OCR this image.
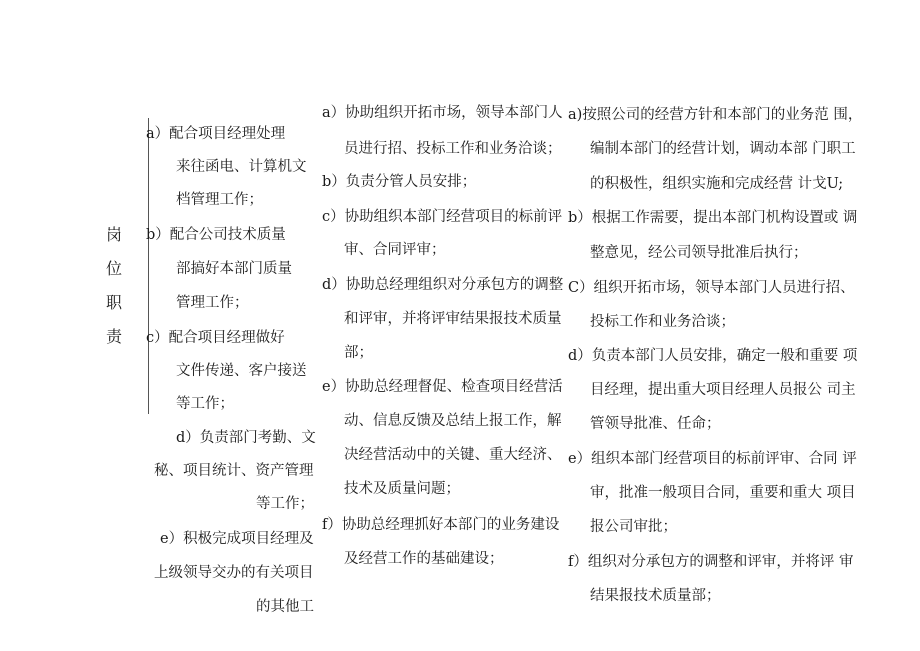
岗
位
职
责
a）配合项目经理处理
来往函电、计算机文
档管理工作；
b）配合公司技术质量
部搞好本部门质量
管理工作；
c）配合项目经理做好
文件传递、客户接送
等工作；
d）负责部门考勤、文
秘、项目统计、资产管理
等工作；
e）积极完成项目经理及
上级领导交办的有关项目
的其他工
a）协助组织开拓市场，领导本部门人
员进行招、投标工作和业务洽谈；
b）负责分管人员安排；
c）协助组织本部门经营项目的标前评
审、合同评审；
d）协助总经理组织对分承包方的调整
和评审，并将评审结果报技术质量
部；
e）协助总经理督促、检查项目经营活
动、信息反馈及总结上报工作，解
决经营活动中的关键、重大经济、
技术及质量问题；
f）协助总经理抓好本部门的业务建设
及经营工作的基础建设；
a)按照公司的经营方针和本部门的业务范 围，
编制本部门的经营计划，调动本部 门职工
的积极性，组织实施和完成经营 计戈U;
b）根据工作需要，提出本部门机构设置或 调
整意见，经公司领导批准后执行；
C）组织开拓市场，领导本部门人员进行招、
投标工作和业务洽谈；
d）负责本部门人员安排，确定一般和重要 项
目经理，提出重大项目经理人员报公 司主
管领导批准、任命；
e）组织本部门经营项目的标前评审、合同 评
审，批准一般项目合同，重要和重大 项目
报公司审批；
f）组织对分承包方的调整和评审，并将评 审
结果报技术质量部；
